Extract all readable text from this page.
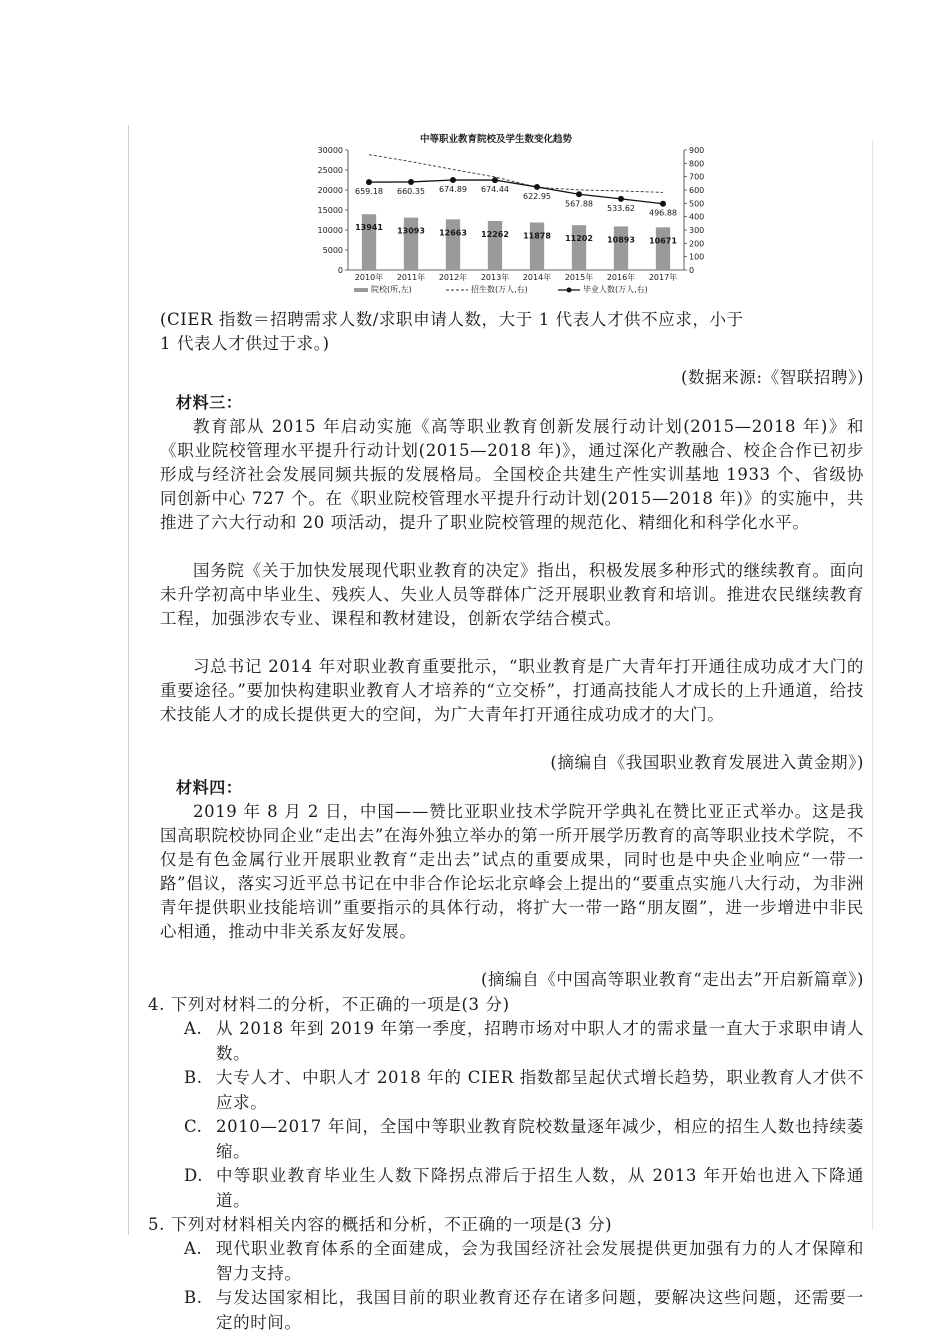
中等职业教育院校及学生数变化趋势
0
5000
10000
15000
20000
25000
30000
0
100
200
300
400
500
600
700
800
900
13941 13093 12663 12262 11878 11202 10893 10671
659.18 660.35 674.89 674.44
622.95
567.88
533.62
496.88
2010年 2011年 2012年 2013年 2014年 2015年 2016年 2017年
院校(所,左)	招生数(万人,右)	毕业人数(万人,右)

(CIER 指数＝招聘需求人数/求职申请人数，大于 1 代表人才供不应求，小于

1 代表人才供过于求。)

(数据来源:《智联招聘》)

材料三：

教育部从 2015 年启动实施《高等职业教育创新发展行动计划(2015—2018 年)》和《职业院校管理水平提升行动计划(2015—2018 年)》，通过深化产教融合、校企合作已初步形成与经济社会发展同频共振的发展格局。全国校企共建生产性实训基地 1933 个、省级协同创新中心 727 个。在《职业院校管理水平提升行动计划(2015—2018 年)》的实施中，共推进了六大行动和 20 项活动，提升了职业院校管理的规范化、精细化和科学化水平。

国务院《关于加快发展现代职业教育的决定》指出，积极发展多种形式的继续教育。面向未升学初高中毕业生、残疾人、失业人员等群体广泛开展职业教育和培训。推进农民继续教育工程，加强涉农专业、课程和教材建设，创新农学结合模式。

习总书记 2014 年对职业教育重要批示，“职业教育是广大青年打开通往成功成才大门的重要途径。”要加快构建职业教育人才培养的“立交桥”，打通高技能人才成长的上升通道，给技术技能人才的成长提供更大的空间，为广大青年打开通往成功成才的大门。

(摘编自《我国职业教育发展进入黄金期》)

材料四：

2019 年 8 月 2 日，中国——赞比亚职业技术学院开学典礼在赞比亚正式举办。这是我国高职院校协同企业“走出去”在海外独立举办的第一所开展学历教育的高等职业技术学院，不仅是有色金属行业开展职业教育“走出去”试点的重要成果，同时也是中央企业响应“一带一路”倡议，落实习近平总书记在中非合作论坛北京峰会上提出的“要重点实施八大行动，为非洲青年提供职业技能培训”重要指示的具体行动，将扩大一带一路“朋友圈”，进一步增进中非民心相通，推动中非关系友好发展。

(摘编自《中国高等职业教育“走出去”开启新篇章》)

4. 下列对材料二的分析，不正确的一项是(3 分)

A. 从 2018 年到 2019 年第一季度，招聘市场对中职人才的需求量一直大于求职申请人数。
B. 大专人才、中职人才 2018 年的 CIER 指数都呈起伏式增长趋势，职业教育人才供不应求。
C. 2010—2017 年间，全国中等职业教育院校数量逐年减少，相应的招生人数也持续萎缩。
D. 中等职业教育毕业生人数下降拐点滞后于招生人数，从 2013 年开始也进入下降通道。

5. 下列对材料相关内容的概括和分析，不正确的一项是(3 分)

A. 现代职业教育体系的全面建成，会为我国经济社会发展提供更加强有力的人才保障和智力支持。
B. 与发达国家相比，我国目前的职业教育还存在诸多问题，要解决这些问题，还需要一定的时间。
